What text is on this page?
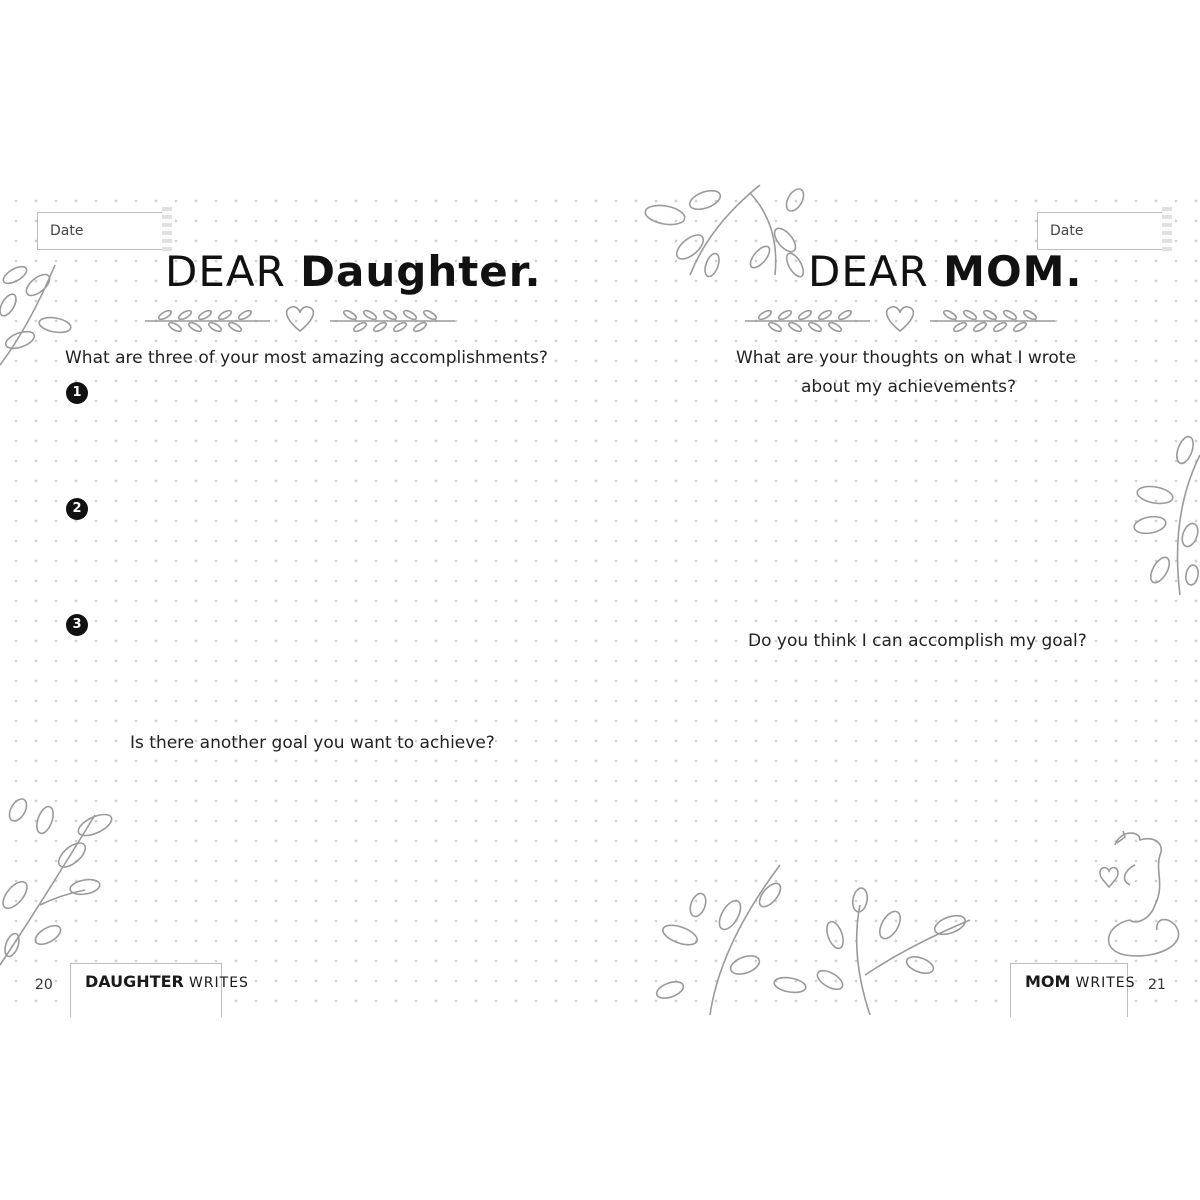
Date
DEAR Daughter.
What are three of your most amazing accomplishments?
1
2
3
Is there another goal you want to achieve?
20 DAUGHTER WRITES
Date
DEAR MOM.
What are your thoughts on what I wrote
about my achievements?
Do you think I can accomplish my goal?
MOM WRITES 21
